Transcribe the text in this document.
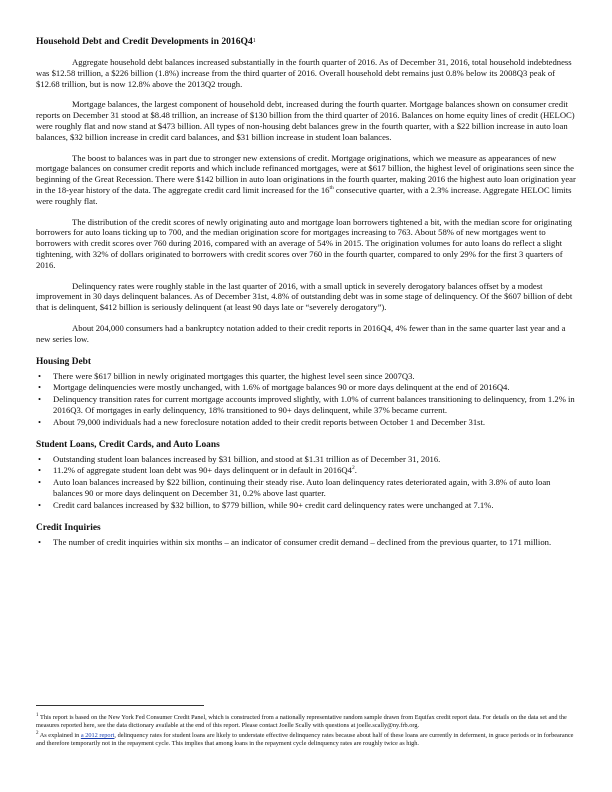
Household Debt and Credit Developments in $2016Q4^1$

Aggregate household debt balances increased substantially in the fourth quarter of 2016. As of December 31, 2016, total household indebtedness was $12.58 trillion, a $226 billion (1.8%) increase from the third quarter of 2016. Overall household debt remains just 0.8% below its 2008Q3 peak of $12.68 trillion, but is now 12.8% above the 2013Q2 trough.

Mortgage balances, the largest component of household debt, increased during the fourth quarter. Mortgage balances shown on consumer credit reports on December 31 stood at $8.48 trillion, an increase of $130 billion from the third quarter of 2016. Balances on home equity lines of credit (HELOC) were roughly flat and now stand at $473 billion. All types of non-housing debt balances grew in the fourth quarter, with a $22 billion increase in auto loan balances, $32 billion increase in credit card balances, and $31 billion increase in student loan balances.

The boost to balances was in part due to stronger new extensions of credit. Mortgage originations, which we measure as appearances of new mortgage balances on consumer credit reports and which include refinanced mortgages, were at $617 billion, the highest level of originations seen since the beginning of the Great Recession. There were $142 billion in auto loan originations in the fourth quarter, making 2016 the highest auto loan origination year in the 18-year history of the data. The aggregate credit card limit increased for the 16th consecutive quarter, with a 2.3% increase. Aggregate HELOC limits were roughly flat.

The distribution of the credit scores of newly originating auto and mortgage loan borrowers tightened a bit, with the median score for originating borrowers for auto loans ticking up to 700, and the median origination score for mortgages increasing to 763. About 58% of new mortgages went to borrowers with credit scores over 760 during 2016, compared with an average of 54% in 2015. The origination volumes for auto loans do reflect a slight tightening, with 32% of dollars originated to borrowers with credit scores over 760 in the fourth quarter, compared to only 29% for the first 3 quarters of 2016.

Delinquency rates were roughly stable in the last quarter of 2016, with a small uptick in severely derogatory balances offset by a modest improvement in 30 days delinquent balances. As of December 31st, 4.8% of outstanding debt was in some stage of delinquency. Of the $607 billion of debt that is delinquent, $412 billion is seriously delinquent (at least 90 days late or “severely derogatory”).

About 204,000 consumers had a bankruptcy notation added to their credit reports in 2016Q4, 4% fewer than in the same quarter last year and a new series low.

Housing Debt
• There were $617 billion in newly originated mortgages this quarter, the highest level seen since 2007Q3.
• Mortgage delinquencies were mostly unchanged, with 1.6% of mortgage balances 90 or more days delinquent at the end of 2016Q4.
• Delinquency transition rates for current mortgage accounts improved slightly, with 1.0% of current balances transitioning to delinquency, from 1.2% in 2016Q3. Of mortgages in early delinquency, 18% transitioned to 90+ days delinquent, while 37% became current.
• About 79,000 individuals had a new foreclosure notation added to their credit reports between October 1 and December 31st.
Student Loans, Credit Cards, and Auto Loans
• Outstanding student loan balances increased by $31 billion, and stood at $1.31 trillion as of December 31, 2016.
• 11.2% of aggregate student loan debt was 90+ days delinquent or in default in $2016Q4^2$.
• Auto loan balances increased by $22 billion, continuing their steady rise. Auto loan delinquency rates deteriorated again, with 3.8% of auto loan balances 90 or more days delinquent on December 31, 0.2% above last quarter.
• Credit card balances increased by $32 billion, to $779 billion, while 90+ credit card delinquency rates were unchanged at 7.1%.
Credit Inquiries
• The number of credit inquiries within six months – an indicator of consumer credit demand – declined from the previous quarter, to 171 million.

$^1$ This report is based on the New York Fed Consumer Credit Panel, which is constructed from a nationally representative random sample drawn from Equifax credit report data. For details on the data set and the measures reported here, see the data dictionary available at the end of this report. Please contact Joelle Scally with questions at joelle.scally@ny.frb.org.

$^2$ As explained in a 2012 report, delinquency rates for student loans are likely to understate effective delinquency rates because about half of these loans are currently in deferment, in grace periods or in forbearance and therefore temporarily not in the repayment cycle. This implies that among loans in the repayment cycle delinquency rates are roughly twice as high.
